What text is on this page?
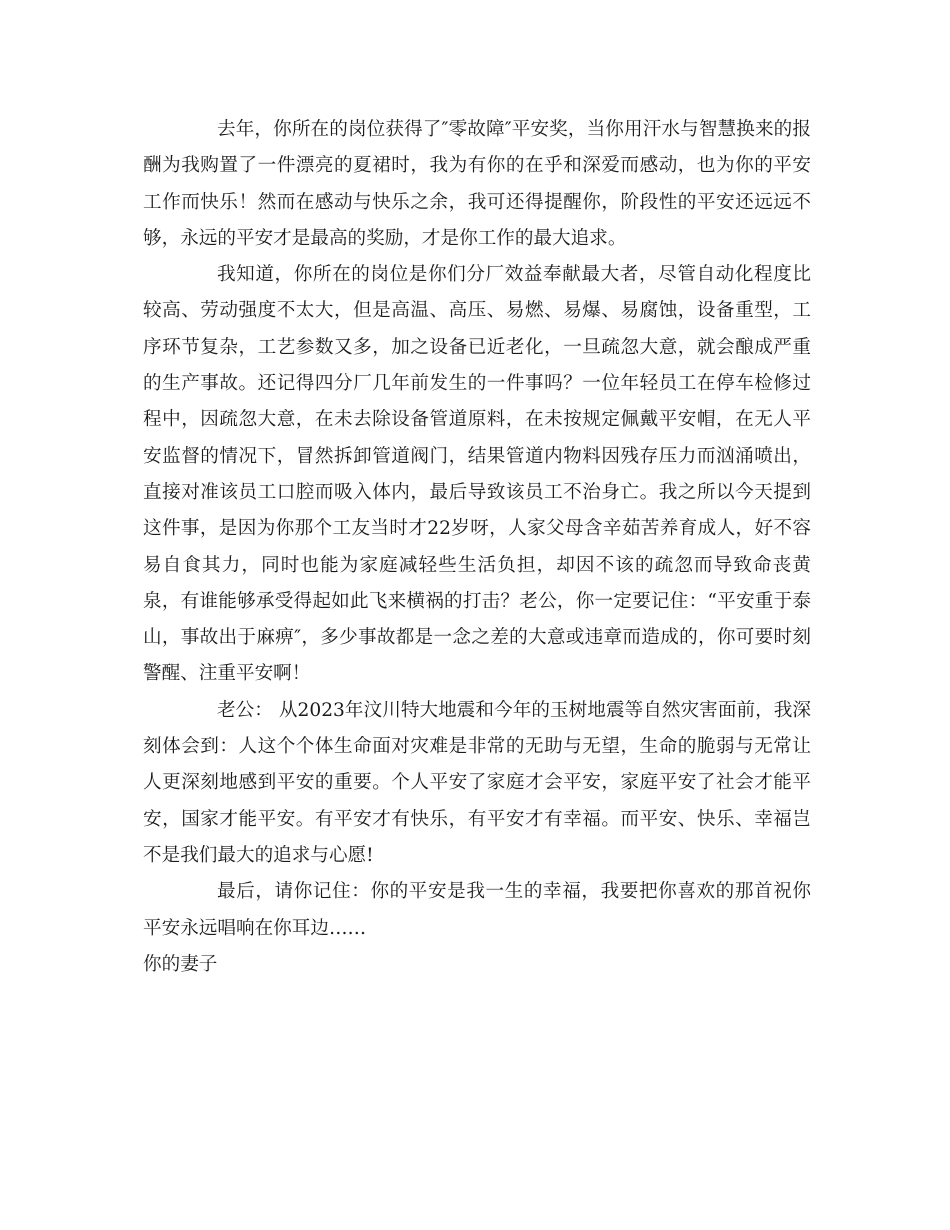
去年，你所在的岗位获得了″零故障″平安奖，当你用汗水与智慧换来的报酬为我购置了一件漂亮的夏裙时，我为有你的在乎和深爱而感动，也为你的平安工作而快乐！然而在感动与快乐之余，我可还得提醒你，阶段性的平安还远远不够，永远的平安才是最高的奖励，才是你工作的最大追求。

我知道，你所在的岗位是你们分厂效益奉献最大者，尽管自动化程度比较高、劳动强度不太大，但是高温、高压、易燃、易爆、易腐蚀，设备重型，工序环节复杂，工艺参数又多，加之设备已近老化，一旦疏忽大意，就会酿成严重的生产事故。还记得四分厂几年前发生的一件事吗？一位年轻员工在停车检修过程中，因疏忽大意，在未去除设备管道原料，在未按规定佩戴平安帽，在无人平安监督的情况下，冒然拆卸管道阀门，结果管道内物料因残存压力而汹涌喷出，直接对准该员工口腔而吸入体内，最后导致该员工不治身亡。我之所以今天提到这件事，是因为你那个工友当时才22岁呀，人家父母含辛茹苦养育成人，好不容易自食其力，同时也能为家庭减轻些生活负担，却因不该的疏忽而导致命丧黄泉，有谁能够承受得起如此飞来横祸的打击？老公，你一定要记住：“平安重于泰山，事故出于麻痹″，多少事故都是一念之差的大意或违章而造成的，你可要时刻警醒、注重平安啊！

老公： 从2023年汶川特大地震和今年的玉树地震等自然灾害面前，我深刻体会到：人这个个体生命面对灾难是非常的无助与无望，生命的脆弱与无常让人更深刻地感到平安的重要。个人平安了家庭才会平安，家庭平安了社会才能平安，国家才能平安。有平安才有快乐，有平安才有幸福。而平安、快乐、幸福岂不是我们最大的追求与心愿!

最后，请你记住：你的平安是我一生的幸福，我要把你喜欢的那首祝你平安永远唱响在你耳边……

你的妻子
